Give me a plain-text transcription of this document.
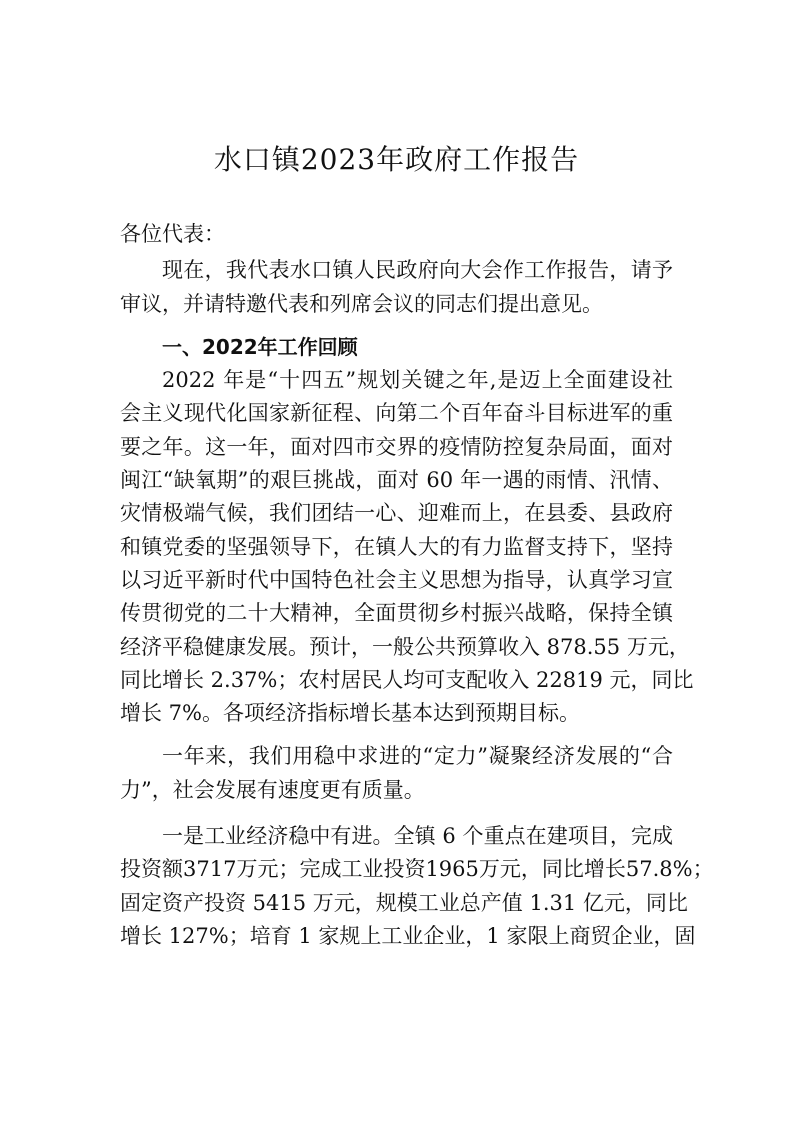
水口镇2023年政府工作报告
各位代表：
现在，我代表水口镇人民政府向大会作工作报告，请予
审议，并请特邀代表和列席会议的同志们提出意见。
一、2022年工作回顾
2022 年是“十四五”规划关键之年,是迈上全面建设社
会主义现代化国家新征程、向第二个百年奋斗目标进军的重
要之年。这一年，面对四市交界的疫情防控复杂局面，面对
闽江“缺氧期”的艰巨挑战，面对 60 年一遇的雨情、汛情、
灾情极端气候，我们团结一心、迎难而上，在县委、县政府
和镇党委的坚强领导下，在镇人大的有力监督支持下，坚持
以习近平新时代中国特色社会主义思想为指导，认真学习宣
传贯彻党的二十大精神，全面贯彻乡村振兴战略，保持全镇
经济平稳健康发展。预计，一般公共预算收入 878.55 万元，
同比增长 2.37%；农村居民人均可支配收入 22819 元，同比
增长 7%。各项经济指标增长基本达到预期目标。
一年来，我们用稳中求进的“定力”凝聚经济发展的“合
力”，社会发展有速度更有质量。
一是工业经济稳中有进。全镇 6 个重点在建项目，完成
投资额3717万元；完成工业投资1965万元，同比增长57.8%；
固定资产投资 5415 万元，规模工业总产值 1.31 亿元，同比
增长 127%；培育 1 家规上工业企业，1 家限上商贸企业，固
